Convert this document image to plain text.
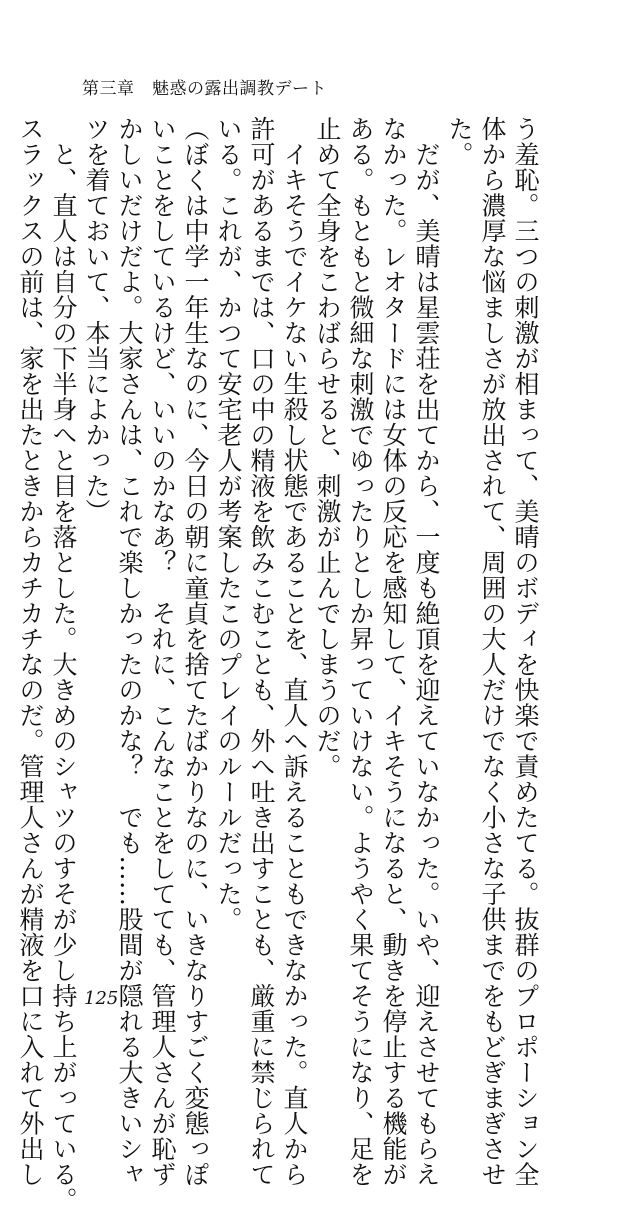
第三章　魅惑の露出調教デート

う羞恥。三つの刺激が相まって、美晴のボディを快楽で責めたてる。抜群のプロポーション全

体から濃厚な悩ましさが放出されて、周囲の大人だけでなく小さな子供までをもどぎまぎさせ

た。

　だが、美晴は星雲荘を出てから、一度も絶頂を迎えていなかった。いや、迎えさせてもらえ

なかった。レオタードには女体の反応を感知して、イキそうになると、動きを停止する機能が

ある。もともと微細な刺激でゆったりとしか昇っていけない。ようやく果てそうになり、足を

止めて全身をこわばらせると、刺激が止んでしまうのだ。

　イキそうでイケない生殺し状態であることを、直人へ訴えることもできなかった。直人から

許可があるまでは、口の中の精液を飲みこむことも、外へ吐き出すことも、厳重に禁じられて

いる。これが、かつて安宅老人が考案したこのプレイのルールだった。

（ぼくは中学一年生なのに、今日の朝に童貞を捨てたばかりなのに、いきなりすごく変態っぽ

いことをしているけど、いいのかなあ？　それに、こんなことをしてても、管理人さんが恥ず

かしいだけだよ。大家さんは、これで楽しかったのかな？　でも……股間が隠れる大きいシャ

ツを着ておいて、本当によかった）

　と、直人は自分の下半身へと目を落とした。大きめのシャツのすそが少し持ち上がっている。

スラックスの前は、家を出たときからカチカチなのだ。管理人さんが精液を口に入れて外出し 125
